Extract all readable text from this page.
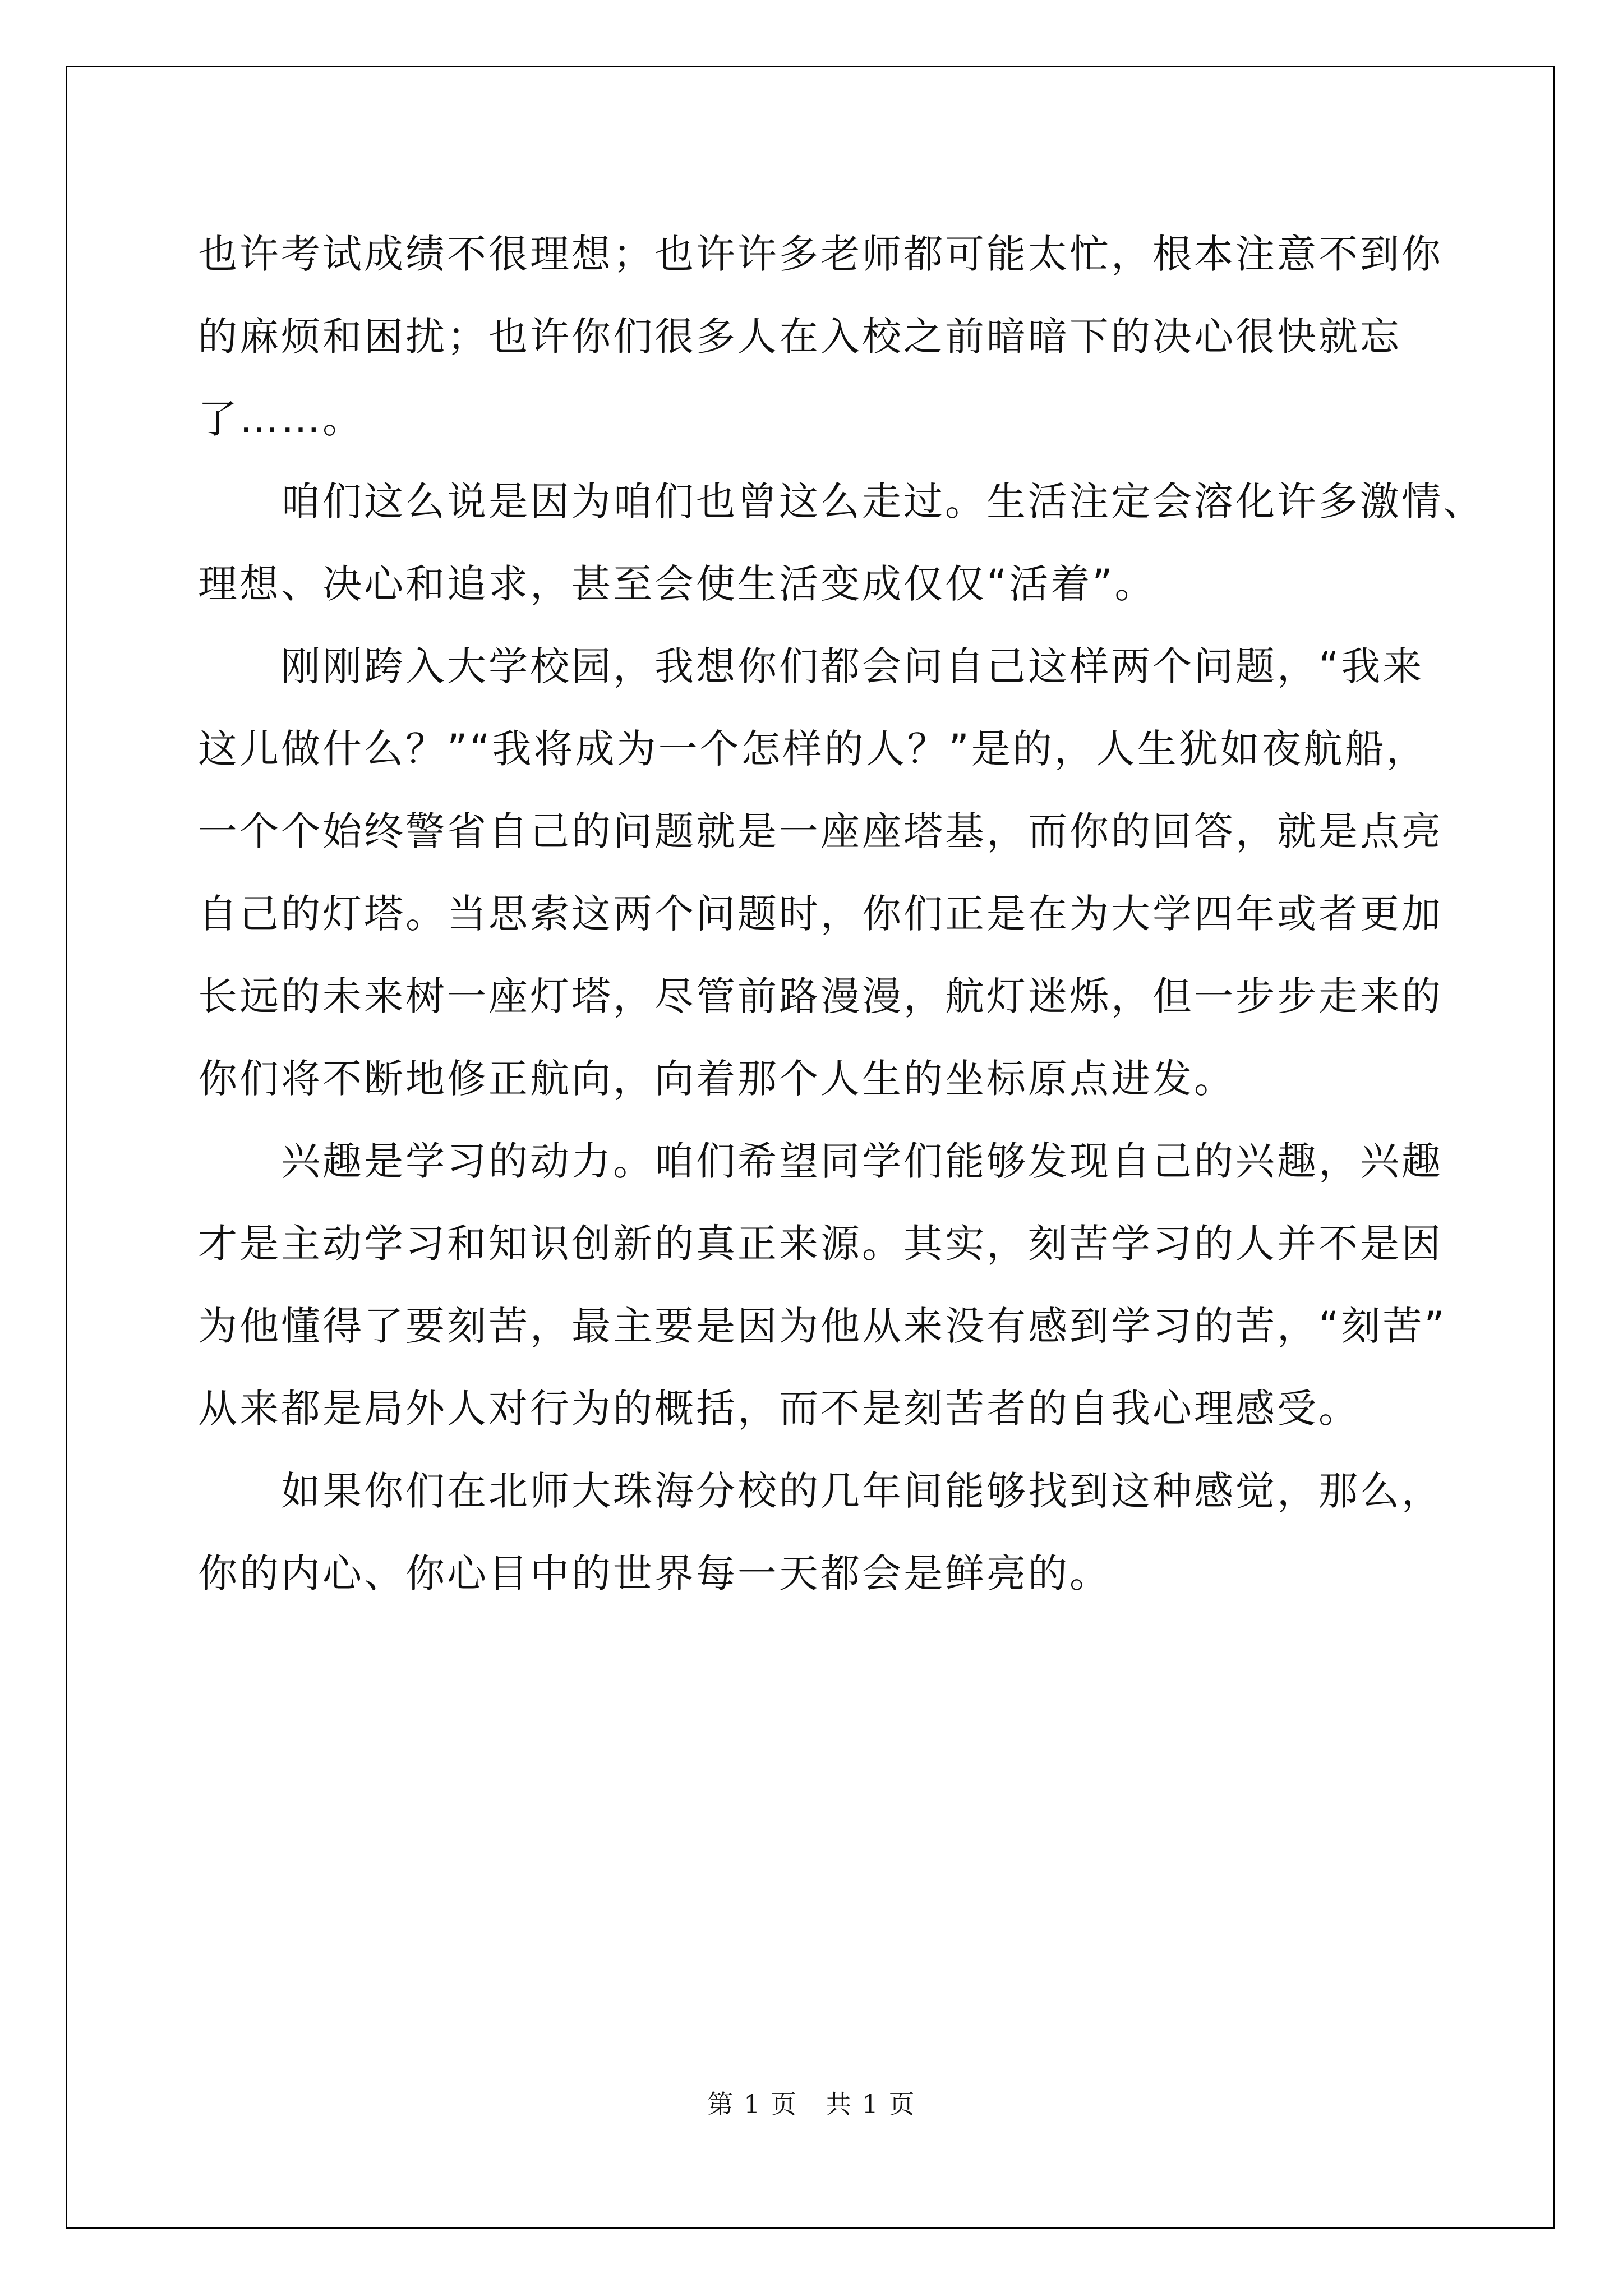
也许考试成绩不很理想；也许许多老师都可能太忙，根本注意不到你
的麻烦和困扰；也许你们很多人在入校之前暗暗下的决心很快就忘
了……。
咱们这么说是因为咱们也曾这么走过。生活注定会溶化许多激情、
理想、决心和追求，甚至会使生活变成仅仅“活着”。
刚刚跨入大学校园，我想你们都会问自己这样两个问题，“我来
这儿做什么？”“我将成为一个怎样的人？”是的，人生犹如夜航船，
一个个始终警省自己的问题就是一座座塔基，而你的回答，就是点亮
自己的灯塔。当思索这两个问题时，你们正是在为大学四年或者更加
长远的未来树一座灯塔，尽管前路漫漫，航灯迷烁，但一步步走来的
你们将不断地修正航向，向着那个人生的坐标原点进发。
兴趣是学习的动力。咱们希望同学们能够发现自己的兴趣，兴趣
才是主动学习和知识创新的真正来源。其实，刻苦学习的人并不是因
为他懂得了要刻苦，最主要是因为他从来没有感到学习的苦，“刻苦”
从来都是局外人对行为的概括，而不是刻苦者的自我心理感受。
如果你们在北师大珠海分校的几年间能够找到这种感觉，那么，
你的内心、你心目中的世界每一天都会是鲜亮的。
第 1 页 共 1 页
